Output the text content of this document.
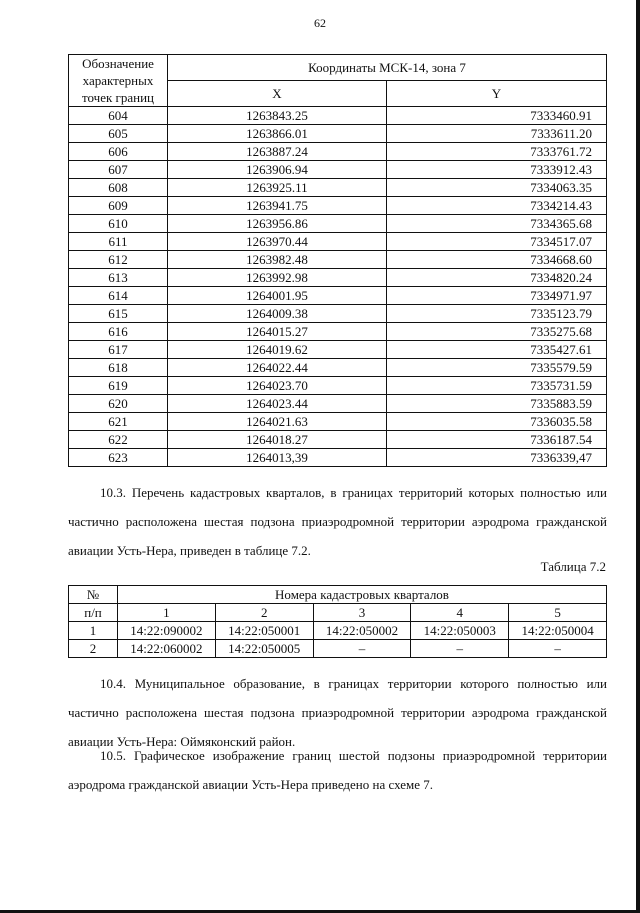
62
Обозначение характерных точек границ	Координаты МСК-14, зона 7	
	X	Y
604	1263843.25	7333460.91
605	1263866.01	7333611.20
606	1263887.24	7333761.72
607	1263906.94	7333912.43
608	1263925.11	7334063.35
609	1263941.75	7334214.43
610	1263956.86	7334365.68
611	1263970.44	7334517.07
612	1263982.48	7334668.60
613	1263992.98	7334820.24
614	1264001.95	7334971.97
615	1264009.38	7335123.79
616	1264015.27	7335275.68
617	1264019.62	7335427.61
618	1264022.44	7335579.59
619	1264023.70	7335731.59
620	1264023.44	7335883.59
621	1264021.63	7336035.58
622	1264018.27	7336187.54
623	1264013,39	7336339,47
10.3. Перечень кадастровых кварталов, в границах территорий которых полностью или частично расположена шестая подзона приаэродромной территории аэродрома гражданской авиации Усть-Нера, приведен в таблице 7.2.
Таблица 7.2
№	Номера кадастровых кварталов				
п/п	1	2	3	4	5
1	14:22:090002	14:22:050001	14:22:050002	14:22:050003	14:22:050004
2	14:22:060002	14:22:050005	–	–	–
10.4. Муниципальное образование, в границах территории которого полностью или частично расположена шестая подзона приаэродромной территории аэродрома гражданской авиации Усть-Нера: Оймяконский район.
10.5. Графическое изображение границ шестой подзоны приаэродромной территории аэродрома гражданской авиации Усть-Нера приведено на схеме 7.
